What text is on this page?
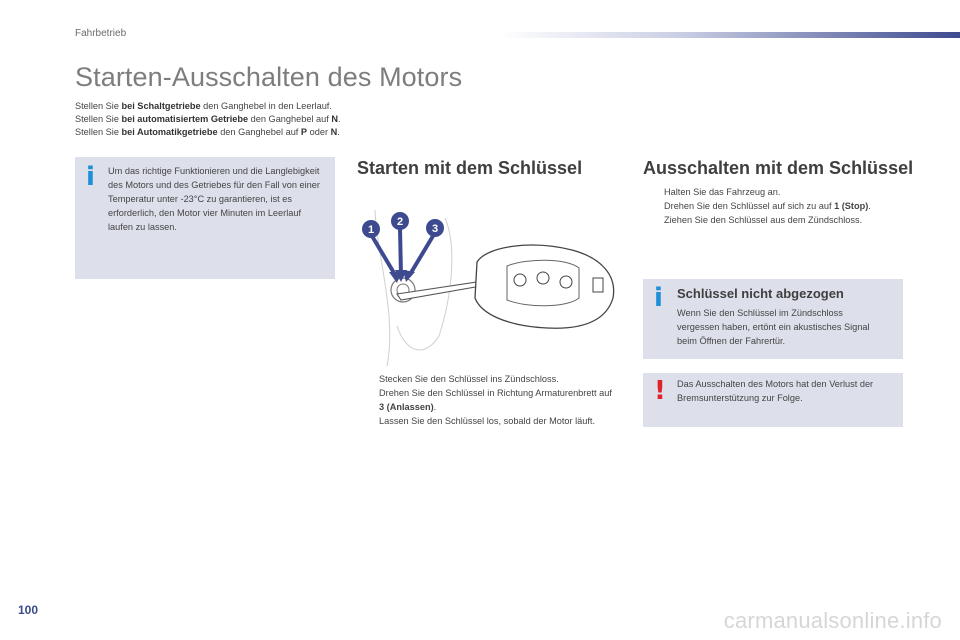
Fahrbetrieb
Starten-Ausschalten des Motors
Stellen Sie bei Schaltgetriebe den Ganghebel in den Leerlauf.
Stellen Sie bei automatisiertem Getriebe den Ganghebel auf N.
Stellen Sie bei Automatikgetriebe den Ganghebel auf P oder N.
i Um das richtige Funktionieren und die Langlebigkeit des Motors und des Getriebes für den Fall von einer Temperatur unter -23°C zu garantieren, ist es erforderlich, den Motor vier Minuten im Leerlauf laufen zu lassen.
Starten mit dem Schlüssel
1
2
3
Stecken Sie den Schlüssel ins Zündschloss.
Drehen Sie den Schlüssel in Richtung Armaturenbrett auf 3 (Anlassen).
Lassen Sie den Schlüssel los, sobald der Motor läuft.
Ausschalten mit dem Schlüssel
Halten Sie das Fahrzeug an.
Drehen Sie den Schlüssel auf sich zu auf 1 (Stop).
Ziehen Sie den Schlüssel aus dem Zündschloss.
i Schlüssel nicht abgezogen
Wenn Sie den Schlüssel im Zündschloss vergessen haben, ertönt ein akustisches Signal beim Öffnen der Fahrertür.
! Das Ausschalten des Motors hat den Verlust der Bremsunterstützung zur Folge.
100	carmanualsonline.info
